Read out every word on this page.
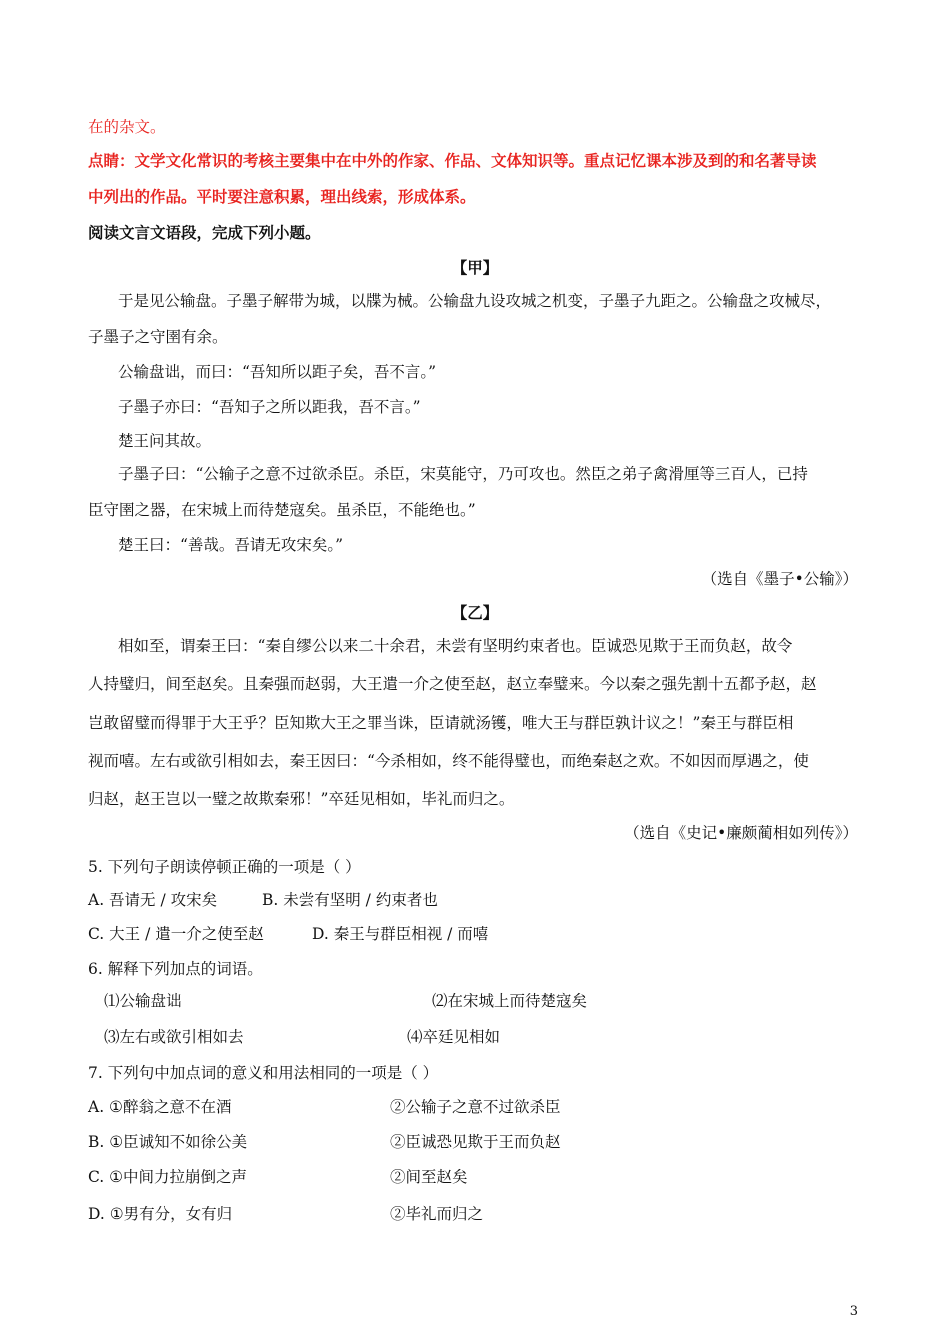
在的杂文。
点睛：文学文化常识的考核主要集中在中外的作家、作品、文体知识等。重点记忆课本涉及到的和名著导读
中列出的作品。平时要注意积累，理出线索，形成体系。
阅读文言文语段，完成下列小题。
【甲】
于是见公输盘。子墨子解带为城，以牒为械。公输盘九设攻城之机变，子墨子九距之。公输盘之攻械尽，
子墨子之守圉有余。
公输盘诎，而曰：“吾知所以距子矣，吾不言。”
子墨子亦曰：“吾知子之所以距我，吾不言。”
楚王问其故。
子墨子曰：“公输子之意不过欲杀臣。杀臣，宋莫能守，乃可攻也。然臣之弟子禽滑厘等三百人，已持
臣守圉之器，在宋城上而待楚寇矣。虽杀臣，不能绝也。”
楚王曰：“善哉。吾请无攻宋矣。”
（选自《墨子•公输》）
【乙】
相如至，谓秦王曰：“秦自缪公以来二十余君，未尝有坚明约束者也。臣诚恐见欺于王而负赵，故令
人持璧归，间至赵矣。且秦强而赵弱，大王遣一介之使至赵，赵立奉璧来。今以秦之强先割十五都予赵，赵
岂敢留璧而得罪于大王乎？臣知欺大王之罪当诛，臣请就汤镬，唯大王与群臣孰计议之！”秦王与群臣相
视而嘻。左右或欲引相如去，秦王因曰：“今杀相如，终不能得璧也，而绝秦赵之欢。不如因而厚遇之，使
归赵，赵王岂以一璧之故欺秦邪！”卒廷见相如，毕礼而归之。
（选自《史记•廉颇蔺相如列传》）
5. 下列句子朗读停顿正确的一项是（ ）
A. 吾请无 / 攻宋矣	B. 未尝有坚明 / 约束者也
C. 大王 / 遣一介之使至赵	D. 秦王与群臣相视 / 而嘻
6. 解释下列加点的词语。
⑴公输盘诎	⑵在宋城上而待楚寇矣
⑶左右或欲引相如去	⑷卒廷见相如
7. 下列句中加点词的意义和用法相同的一项是（ ）
A. ①醉翁之意不在酒	②公输子之意不过欲杀臣
B. ①臣诚知不如徐公美	②臣诚恐见欺于王而负赵
C. ①中间力拉崩倒之声	②间至赵矣
D. ①男有分，女有归	②毕礼而归之
3
